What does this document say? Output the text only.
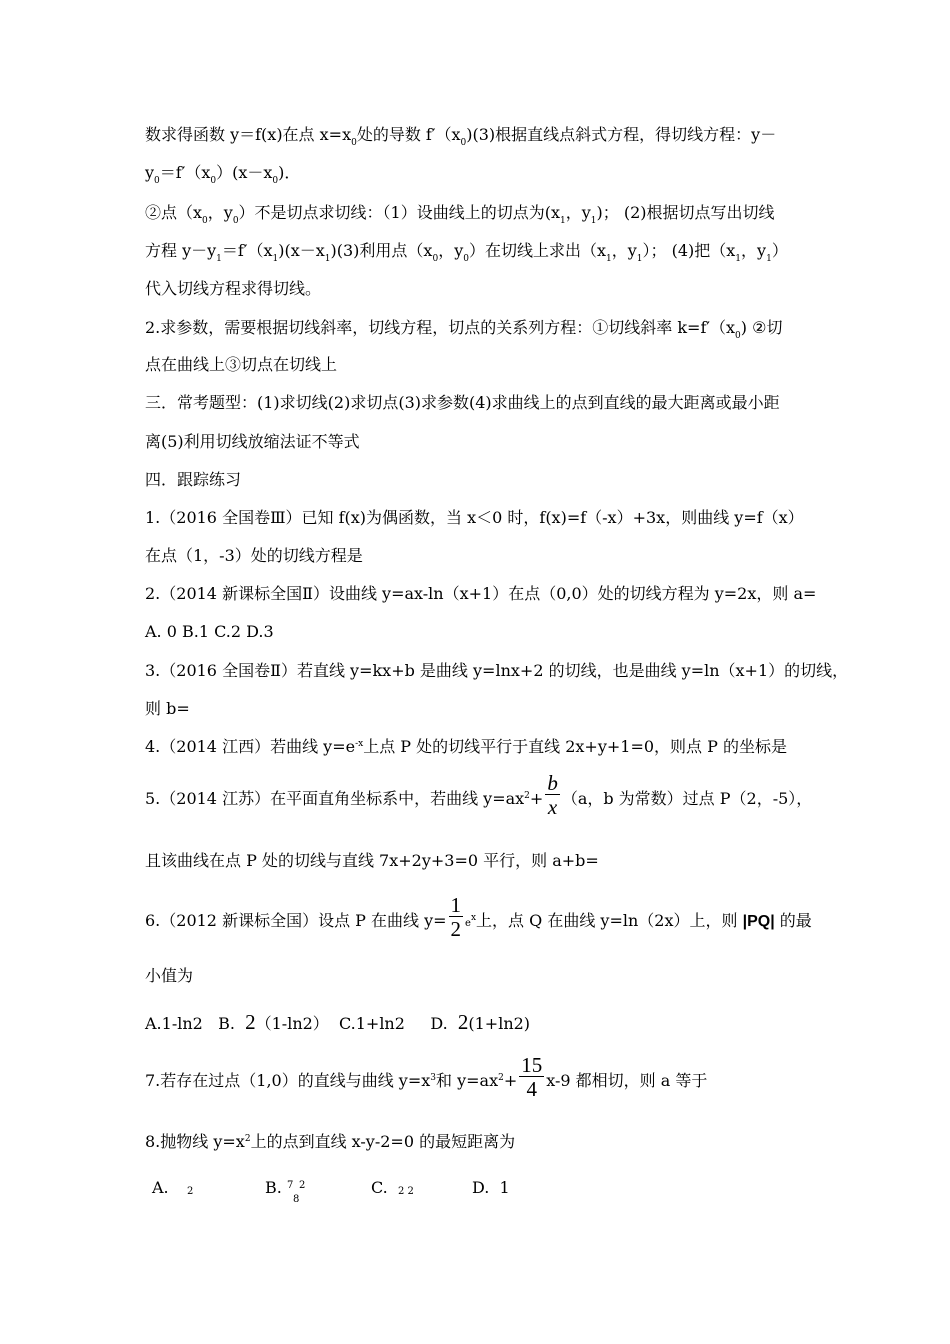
数求得函数 y＝f(x)在点 $x=x_0$处的导数 $f'(x_0)(3)$根据直线点斜式方程，得切线方程：y－
$y_0=f'(x_0)(x-x_0)$．
②点（$x_0$，$y_0$）不是切点求切线：（1）设曲线上的切点为($x_1$，$y_1$)； (2)根据切点写出切线
方程 $y-y_1=f'(x_1)(x-x_1)(3)$利用点（$x_0$，$y_0$）在切线上求出（$x_1$，$y_1$）； (4)把（$x_1$，$y_1$）
代入切线方程求得切线。
2.求参数，需要根据切线斜率，切线方程，切点的关系列方程：①切线斜率 $k=f'(x_0)$ ②切
点在曲线上③切点在切线上
三．常考题型：(1)求切线(2)求切点(3)求参数(4)求曲线上的点到直线的最大距离或最小距
离(5)利用切线放缩法证不等式
四．跟踪练习
1.（2016 全国卷Ⅲ）已知 f(x)为偶函数，当 x＜0 时，f(x)=f（-x）+3x，则曲线 y=f（x）
在点（1，-3）处的切线方程是
2.（2014 新课标全国Ⅱ）设曲线 y=ax-ln（x+1）在点（0,0）处的切线方程为 y=2x，则 a=
A. 0 B.1 C.2 D.3
3.（2016 全国卷Ⅱ）若直线 y=kx+b 是曲线 y=lnx+2 的切线，也是曲线 y=ln（x+1）的切线，
则 b=
4.（2014 江西）若曲线 $y=e^{-x}$上点 P 处的切线平行于直线 2x+y+1=0，则点 P 的坐标是
5.（2014 江苏）在平面直角坐标系中，若曲线 $y=ax^2+ \frac{b}{x} (a$，b 为常数）过点 P（2，-5），
且该曲线在点 P 处的切线与直线 7x+2y+3=0 平行，则 a+b=
6.（2012 新课标全国）设点 P 在曲线 $y= \frac{1}{2} e^x$上，点 Q 在曲线 y=ln（2x）上，则 |PQ| 的最
小值为
A.1-ln2   B.  2（1-ln2）  C.1+ln2     D.  2(1+ln2)
7.若存在过点（1,0）的直线与曲线 $y=x^3$和 $y=ax^2+ \frac{15}{4} x-9$ 都相切，则 a 等于
8.抛物线 $y=x^2$上的点到直线 x-y-2=0 的最短距离为
A. 2	B. 7 2
8
C. 2 2	D.  1
